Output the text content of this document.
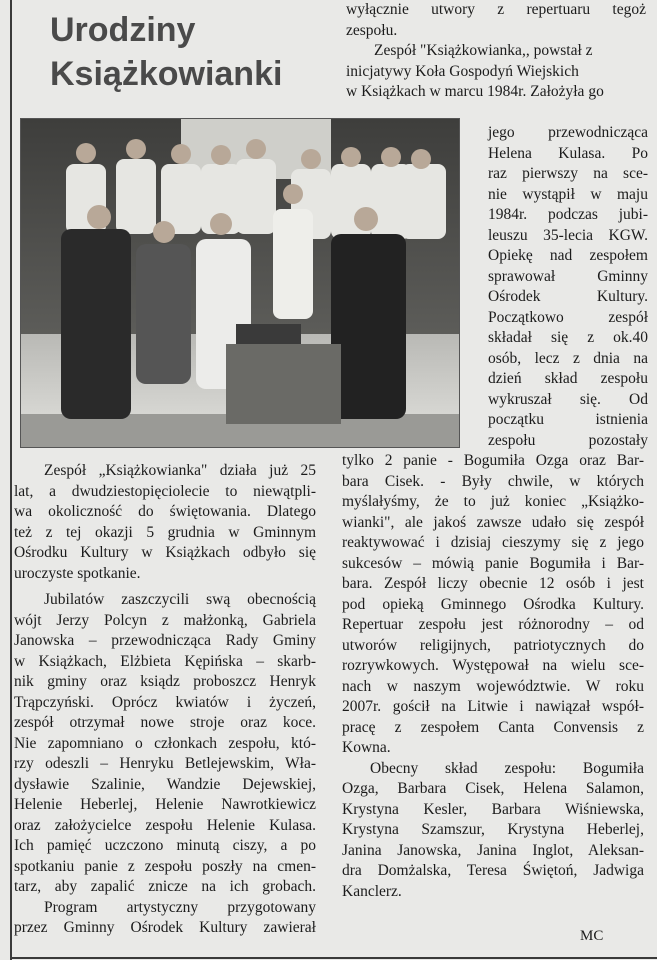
Urodziny
Książkowianki
wyłącznie utwory z repertuaru tegoż
zespołu.
Zespół "Książkowianka,, powstał z
inicjatywy Koła Gospodyń Wiejskich
w Książkach w marcu 1984r. Założyła go
jego przewodnicząca
Helena Kulasa. Po
raz pierwszy na sce-
nie wystąpił w maju
1984r. podczas jubi-
leuszu 35-lecia KGW.
Opiekę nad zespołem
sprawował Gminny
Ośrodek Kultury.
Początkowo zespół
składał się z ok.40
osób, lecz z dnia na
dzień skład zespołu
wykruszał się. Od
początku istnienia
zespołu pozostały
tylko 2 panie - Bogumiła Ozga oraz Bar-
bara Cisek. - Były chwile, w których
myślałyśmy, że to już koniec „Książko-
wianki", ale jakoś zawsze udało się zespół
reaktywować i dzisiaj cieszymy się z jego
sukcesów – mówią panie Bogumiła i Bar-
bara. Zespół liczy obecnie 12 osób i jest
pod opieką Gminnego Ośrodka Kultury.
Repertuar zespołu jest różnorodny – od
utworów religijnych, patriotycznych do
rozrywkowych. Występował na wielu sce-
nach w naszym województwie. W roku
2007r. gościł na Litwie i nawiązał współ-
pracę z zespołem Canta Convensis z
Kowna.
Obecny skład zespołu: Bogumiła
Ozga, Barbara Cisek, Helena Salamon,
Krystyna Kesler, Barbara Wiśniewska,
Krystyna Szamszur, Krystyna Heberlej,
Janina Janowska, Janina Inglot, Aleksan-
dra Domżalska, Teresa Świętoń, Jadwiga
Kanclerz.
Zespół „Książkowianka" działa już 25
lat, a dwudziestopięciolecie to niewątpli-
wa okoliczność do świętowania. Dlatego
też z tej okazji 5 grudnia w Gminnym
Ośrodku Kultury w Książkach odbyło się
uroczyste spotkanie.
Jubilatów zaszczycili swą obecnością
wójt Jerzy Polcyn z małżonką, Gabriela
Janowska – przewodnicząca Rady Gminy
w Książkach, Elżbieta Kępińska – skarb-
nik gminy oraz ksiądz proboszcz Henryk
Trąpczyński. Oprócz kwiatów i życzeń,
zespół otrzymał nowe stroje oraz koce.
Nie zapomniano o członkach zespołu, któ-
rzy odeszli – Henryku Betlejewskim, Wła-
dysławie Szalinie, Wandzie Dejewskiej,
Helenie Heberlej, Helenie Nawrotkiewicz
oraz założycielce zespołu Helenie Kulasa.
Ich pamięć uczczono minutą ciszy, a po
spotkaniu panie z zespołu poszły na cmen-
tarz, aby zapalić znicze na ich grobach.
Program artystyczny przygotowany
przez Gminny Ośrodek Kultury zawierał	MC
